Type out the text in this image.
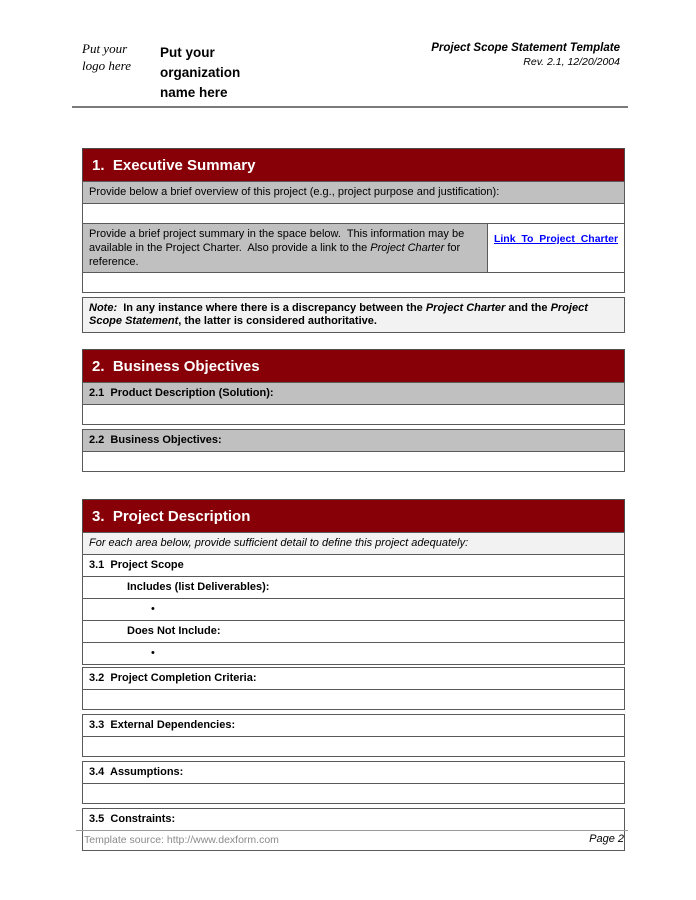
Put your
logo here
Put your
organization
name here
Project Scope Statement Template
Rev. 2.1, 12/20/2004
1.  Executive Summary
Provide below a brief overview of this project (e.g., project purpose and justification):
Provide a brief project summary in the space below.  This information may be available in the Project Charter.  Also provide a link to the Project Charter for reference.
Link_To_Project_Charter
Note:  In any instance where there is a discrepancy between the Project Charter and the Project Scope Statement, the latter is considered authoritative.
2.  Business Objectives
2.1  Product Description (Solution):
2.2  Business Objectives:
3.  Project Description
For each area below, provide sufficient detail to define this project adequately:
3.1  Project Scope
Includes (list Deliverables):
•
Does Not Include:
•
3.2  Project Completion Criteria:
3.3  External Dependencies:
3.4  Assumptions:
3.5  Constraints:
Template source: http://www.dexform.com	Page 2
